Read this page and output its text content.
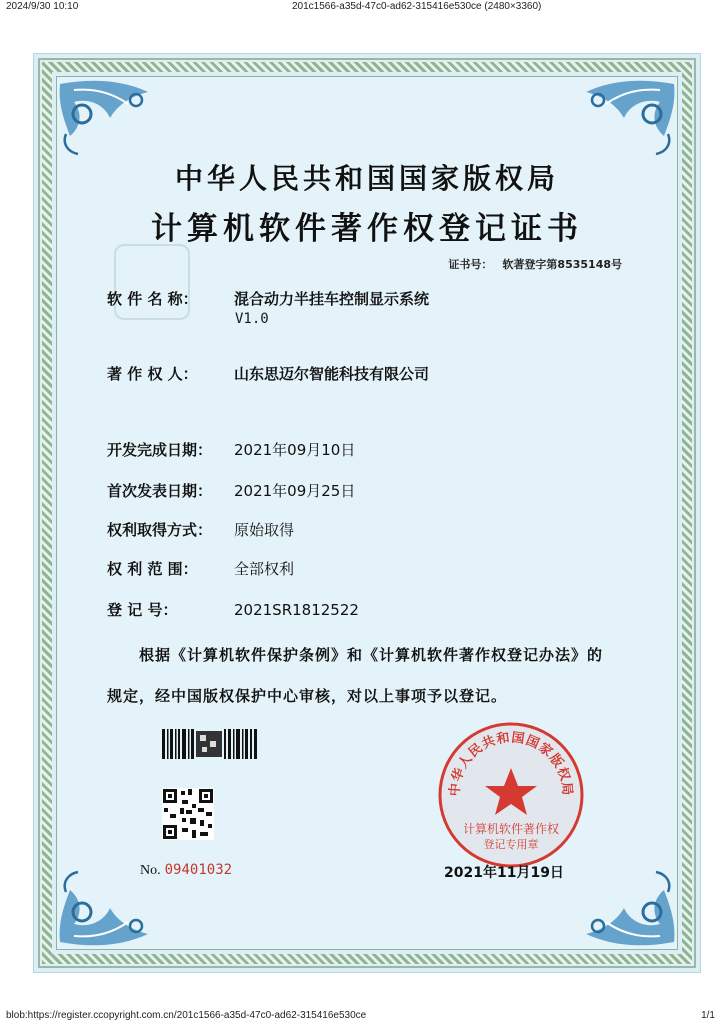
2024/9/30 10:10	201c1566-a35d-47c0-ad62-315416e530ce (2480×3360)
中华人民共和国国家版权局
计算机软件著作权登记证书
证书号： 软著登字第8535148号
软 件 名 称： 混合动力半挂车控制显示系统
V1.0
著 作 权 人： 山东思迈尔智能科技有限公司
开发完成日期： 2021年09月10日
首次发表日期： 2021年09月25日
权利取得方式： 原始取得
权 利 范 围： 全部权利
登 记 号：	2021SR1812522
根据《计算机软件保护条例》和《计算机软件著作权登记办法》的
规定，经中国版权保护中心审核，对以上事项予以登记。
No. 09401032
中华人民共和国国家版权局
计算机软件著作权
登记专用章
2021年11月19日
blob:https://register.ccopyright.com.cn/201c1566-a35d-47c0-ad62-315416e530ce	1/1
